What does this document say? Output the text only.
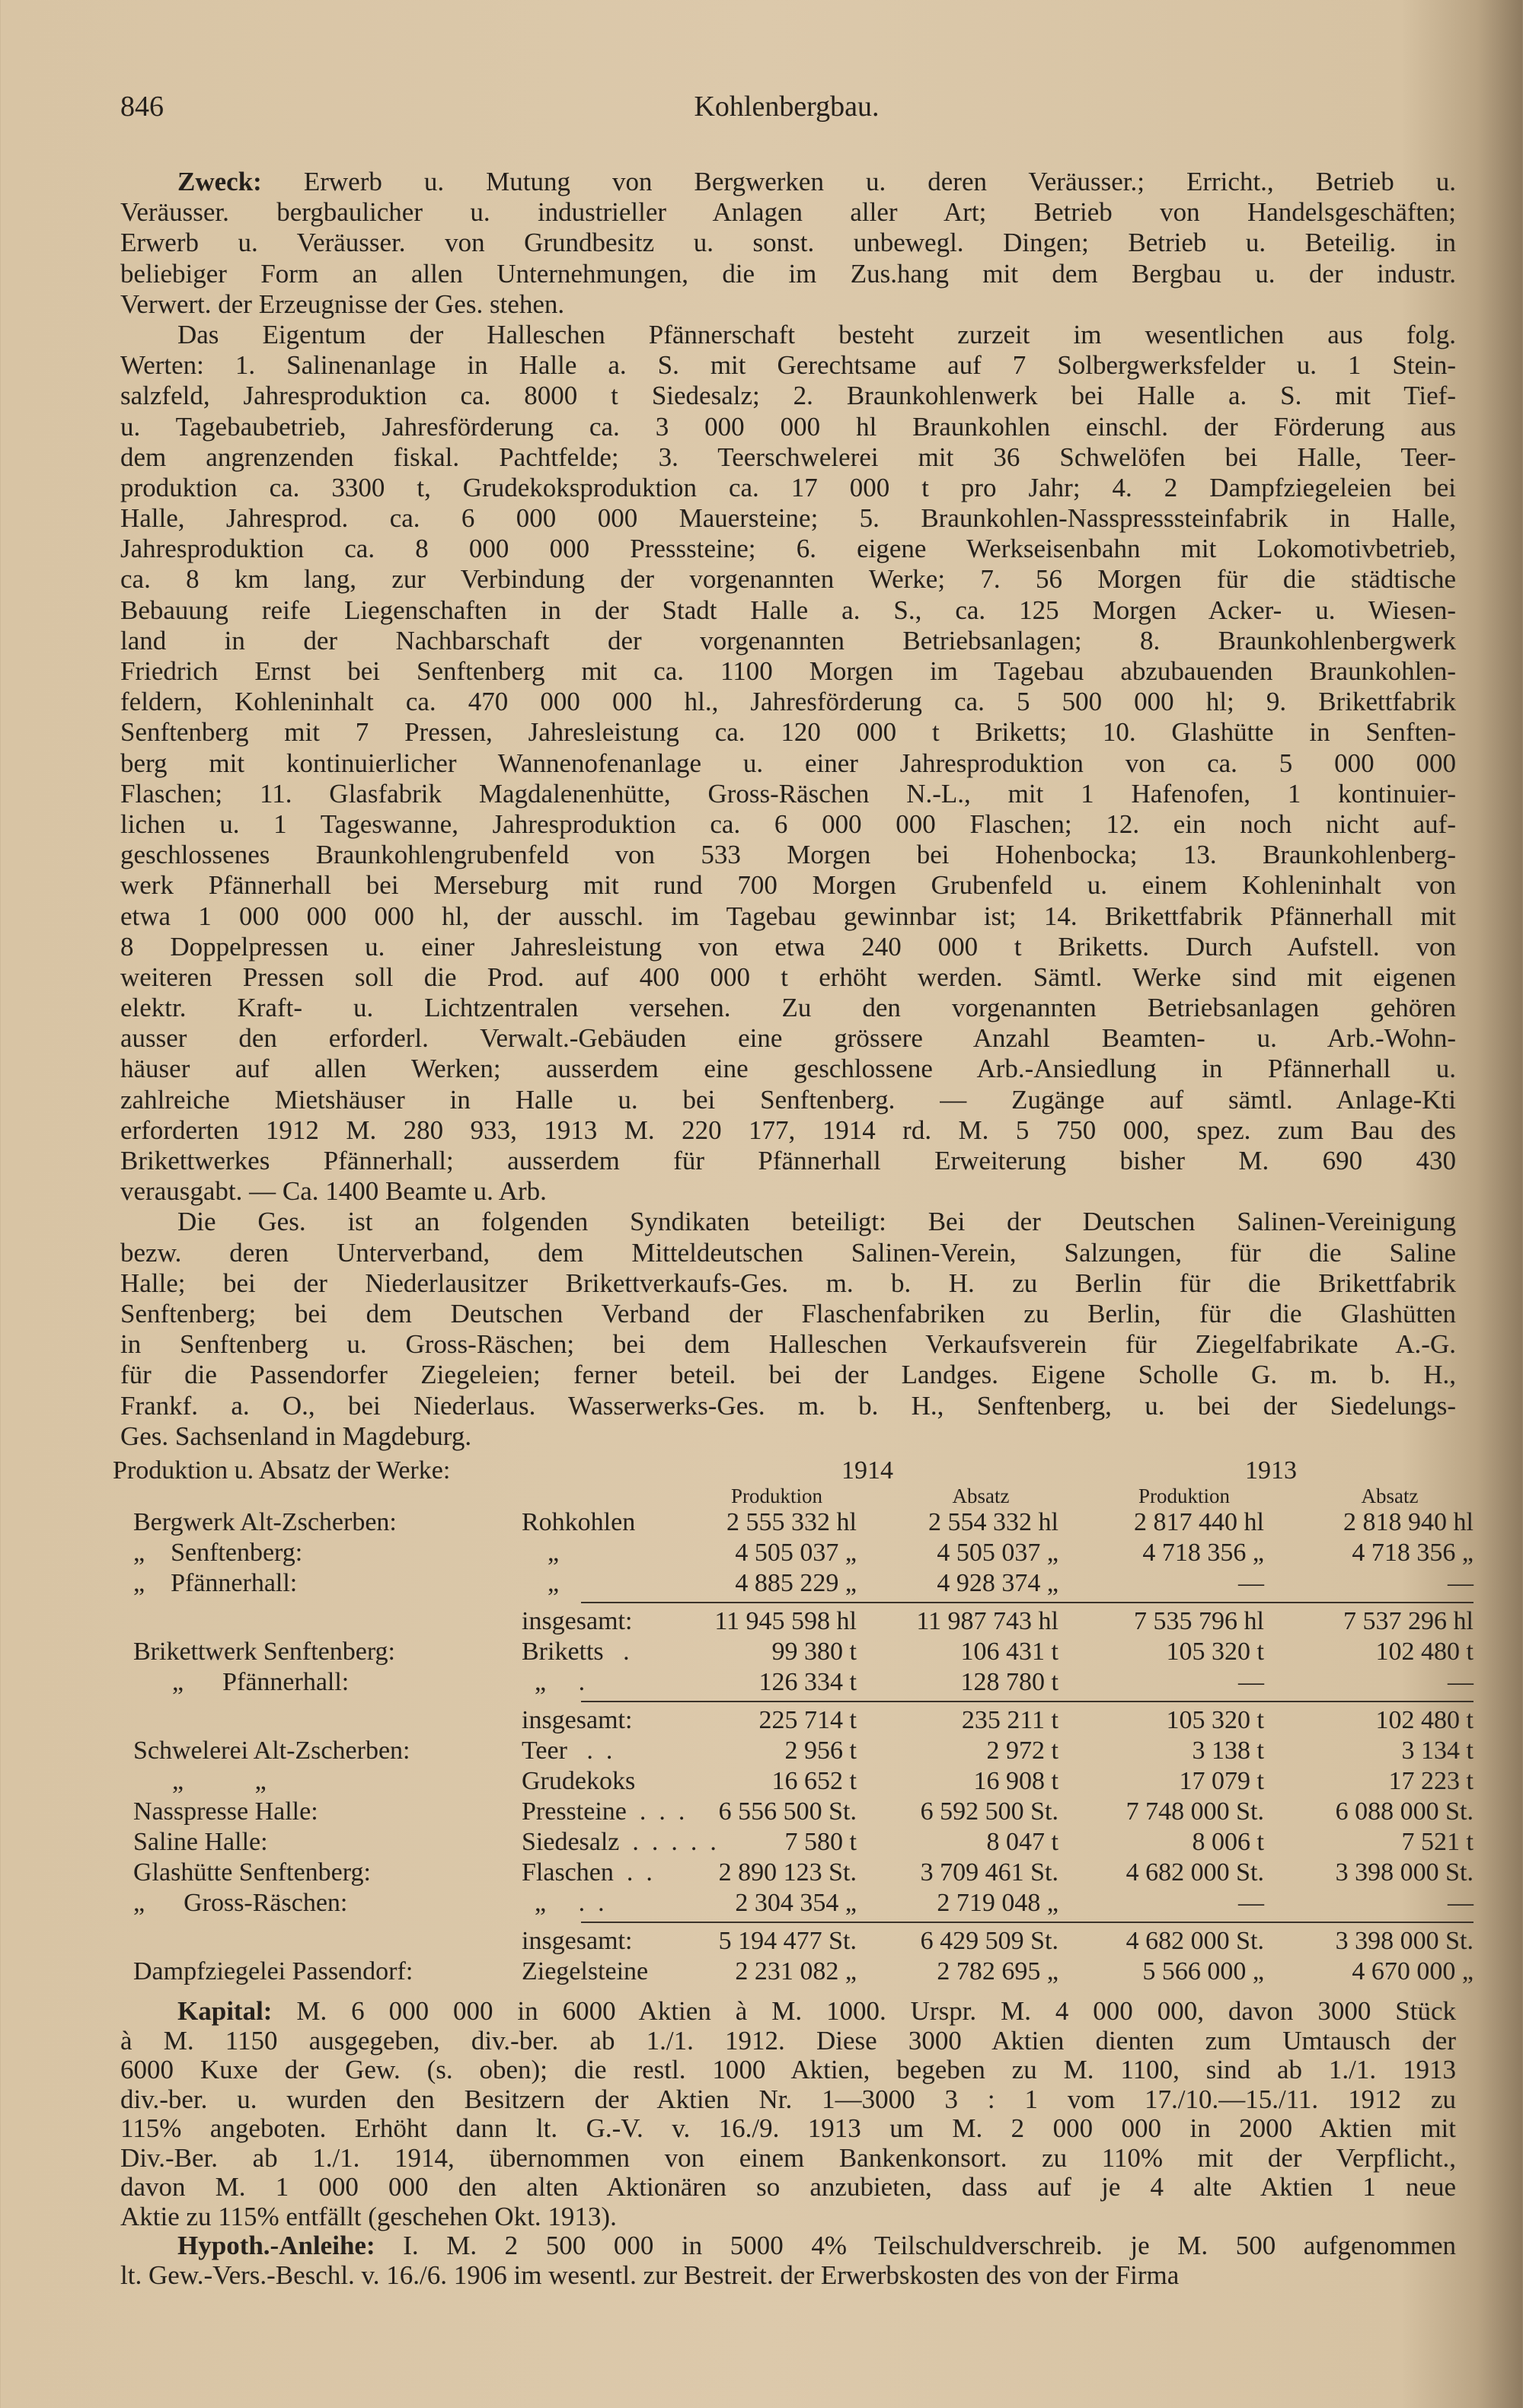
846	Kohlenbergbau.
Zweck: Erwerb u. Mutung von Bergwerken u. deren Veräusser.; Erricht., Betrieb u.
Veräusser. bergbaulicher u. industrieller Anlagen aller Art; Betrieb von Handelsgeschäften;
Erwerb u. Veräusser. von Grundbesitz u. sonst. unbewegl. Dingen; Betrieb u. Beteilig. in
beliebiger Form an allen Unternehmungen, die im Zus.hang mit dem Bergbau u. der industr.
Verwert. der Erzeugnisse der Ges. stehen.
Das Eigentum der Halleschen Pfännerschaft besteht zurzeit im wesentlichen aus folg.
Werten: 1. Salinenanlage in Halle a. S. mit Gerechtsame auf 7 Solbergwerksfelder u. 1 Stein-
salzfeld, Jahresproduktion ca. 8000 t Siedesalz; 2. Braunkohlenwerk bei Halle a. S. mit Tief-
u. Tagebaubetrieb, Jahresförderung ca. 3 000 000 hl Braunkohlen einschl. der Förderung aus
dem angrenzenden fiskal. Pachtfelde; 3. Teerschwelerei mit 36 Schwelöfen bei Halle, Teer-
produktion ca. 3300 t, Grudekoksproduktion ca. 17 000 t pro Jahr; 4. 2 Dampfziegeleien bei
Halle, Jahresprod. ca. 6 000 000 Mauersteine; 5. Braunkohlen-Nasspresssteinfabrik in Halle,
Jahresproduktion ca. 8 000 000 Presssteine; 6. eigene Werkseisenbahn mit Lokomotivbetrieb,
ca. 8 km lang, zur Verbindung der vorgenannten Werke; 7. 56 Morgen für die städtische
Bebauung reife Liegenschaften in der Stadt Halle a. S., ca. 125 Morgen Acker- u. Wiesen-
land in der Nachbarschaft der vorgenannten Betriebsanlagen; 8. Braunkohlenbergwerk
Friedrich Ernst bei Senftenberg mit ca. 1100 Morgen im Tagebau abzubauenden Braunkohlen-
feldern, Kohleninhalt ca. 470 000 000 hl., Jahresförderung ca. 5 500 000 hl; 9. Brikettfabrik
Senftenberg mit 7 Pressen, Jahresleistung ca. 120 000 t Briketts; 10. Glashütte in Senften-
berg mit kontinuierlicher Wannenofenanlage u. einer Jahresproduktion von ca. 5 000 000
Flaschen; 11. Glasfabrik Magdalenenhütte, Gross-Räschen N.-L., mit 1 Hafenofen, 1 kontinuier-
lichen u. 1 Tageswanne, Jahresproduktion ca. 6 000 000 Flaschen; 12. ein noch nicht auf-
geschlossenes Braunkohlengrubenfeld von 533 Morgen bei Hohenbocka; 13. Braunkohlenberg-
werk Pfännerhall bei Merseburg mit rund 700 Morgen Grubenfeld u. einem Kohleninhalt von
etwa 1 000 000 000 hl, der ausschl. im Tagebau gewinnbar ist; 14. Brikettfabrik Pfännerhall mit
8 Doppelpressen u. einer Jahresleistung von etwa 240 000 t Briketts. Durch Aufstell. von
weiteren Pressen soll die Prod. auf 400 000 t erhöht werden. Sämtl. Werke sind mit eigenen
elektr. Kraft- u. Lichtzentralen versehen. Zu den vorgenannten Betriebsanlagen gehören
ausser den erforderl. Verwalt.-Gebäuden eine grössere Anzahl Beamten- u. Arb.-Wohn-
häuser auf allen Werken; ausserdem eine geschlossene Arb.-Ansiedlung in Pfännerhall u.
zahlreiche Mietshäuser in Halle u. bei Senftenberg. — Zugänge auf sämtl. Anlage-Kti
erforderten 1912 M. 280 933, 1913 M. 220 177, 1914 rd. M. 5 750 000, spez. zum Bau des
Brikettwerkes Pfännerhall; ausserdem für Pfännerhall Erweiterung bisher M. 690 430
verausgabt. — Ca. 1400 Beamte u. Arb.
Die Ges. ist an folgenden Syndikaten beteiligt: Bei der Deutschen Salinen-Vereinigung
bezw. deren Unterverband, dem Mitteldeutschen Salinen-Verein, Salzungen, für die Saline
Halle; bei der Niederlausitzer Brikettverkaufs-Ges. m. b. H. zu Berlin für die Brikettfabrik
Senftenberg; bei dem Deutschen Verband der Flaschenfabriken zu Berlin, für die Glashütten
in Senftenberg u. Gross-Räschen; bei dem Halleschen Verkaufsverein für Ziegelfabrikate A.-G.
für die Passendorfer Ziegeleien; ferner beteil. bei der Landges. Eigene Scholle G. m. b. H.,
Frankf. a. O., bei Niederlaus. Wasserwerks-Ges. m. b. H., Senftenberg, u. bei der Siedelungs-
Ges. Sachsenland in Magdeburg.
Produktion u. Absatz der Werke:	1914	1913
Produktion	Absatz	Produktion	Absatz
Bergwerk Alt-Zscherben:	Rohkohlen	2 555 332 hl	2 554 332 hl	2 817 440 hl	2 818 940 hl
„    Senftenberg:	„	4 505 037 „	4 505 037 „	4 718 356 „	4 718 356 „
„    Pfännerhall:	„	4 885 229 „	4 928 374 „	—	—
insgesamt:	11 945 598 hl	11 987 743 hl	7 535 796 hl	7 537 296 hl
Brikettwerk Senftenberg:	Briketts   .	99 380 t	106 431 t	105 320 t	102 480 t
„      Pfännerhall:	„     .	126 334 t	128 780 t	—	—
insgesamt:	225 714 t	235 211 t	105 320 t	102 480 t
Schwelerei Alt-Zscherben:	Teer   .  .	2 956 t	2 972 t	3 138 t	3 134 t
„           „	Grudekoks	16 652 t	16 908 t	17 079 t	17 223 t
Nasspresse Halle:	Pressteine  .  .  .	6 556 500 St.	6 592 500 St.	7 748 000 St.	6 088 000 St.
Saline Halle:	Siedesalz  .  .  .  .  .	7 580 t	8 047 t	8 006 t	7 521 t
Glashütte Senftenberg:	Flaschen  .  .	2 890 123 St.	3 709 461 St.	4 682 000 St.	3 398 000 St.
„      Gross-Räschen:	„     .  .	2 304 354 „	2 719 048 „	—	—
insgesamt:	5 194 477 St.	6 429 509 St.	4 682 000 St.	3 398 000 St.
Dampfziegelei Passendorf:	Ziegelsteine	2 231 082 „	2 782 695 „	5 566 000 „	4 670 000 „
Kapital: M. 6 000 000 in 6000 Aktien à M. 1000. Urspr. M. 4 000 000, davon 3000 Stück
à M. 1150 ausgegeben, div.-ber. ab 1./1. 1912. Diese 3000 Aktien dienten zum Umtausch der
6000 Kuxe der Gew. (s. oben); die restl. 1000 Aktien, begeben zu M. 1100, sind ab 1./1. 1913
div.-ber. u. wurden den Besitzern der Aktien Nr. 1—3000 3 : 1 vom 17./10.—15./11. 1912 zu
115% angeboten. Erhöht dann lt. G.-V. v. 16./9. 1913 um M. 2 000 000 in 2000 Aktien mit
Div.-Ber. ab 1./1. 1914, übernommen von einem Bankenkonsort. zu 110% mit der Verpflicht.,
davon M. 1 000 000 den alten Aktionären so anzubieten, dass auf je 4 alte Aktien 1 neue
Aktie zu 115% entfällt (geschehen Okt. 1913).
Hypoth.-Anleihe: I. M. 2 500 000 in 5000 4% Teilschuldverschreib. je M. 500 aufgenommen
lt. Gew.-Vers.-Beschl. v. 16./6. 1906 im wesentl. zur Bestreit. der Erwerbskosten des von der Firma
